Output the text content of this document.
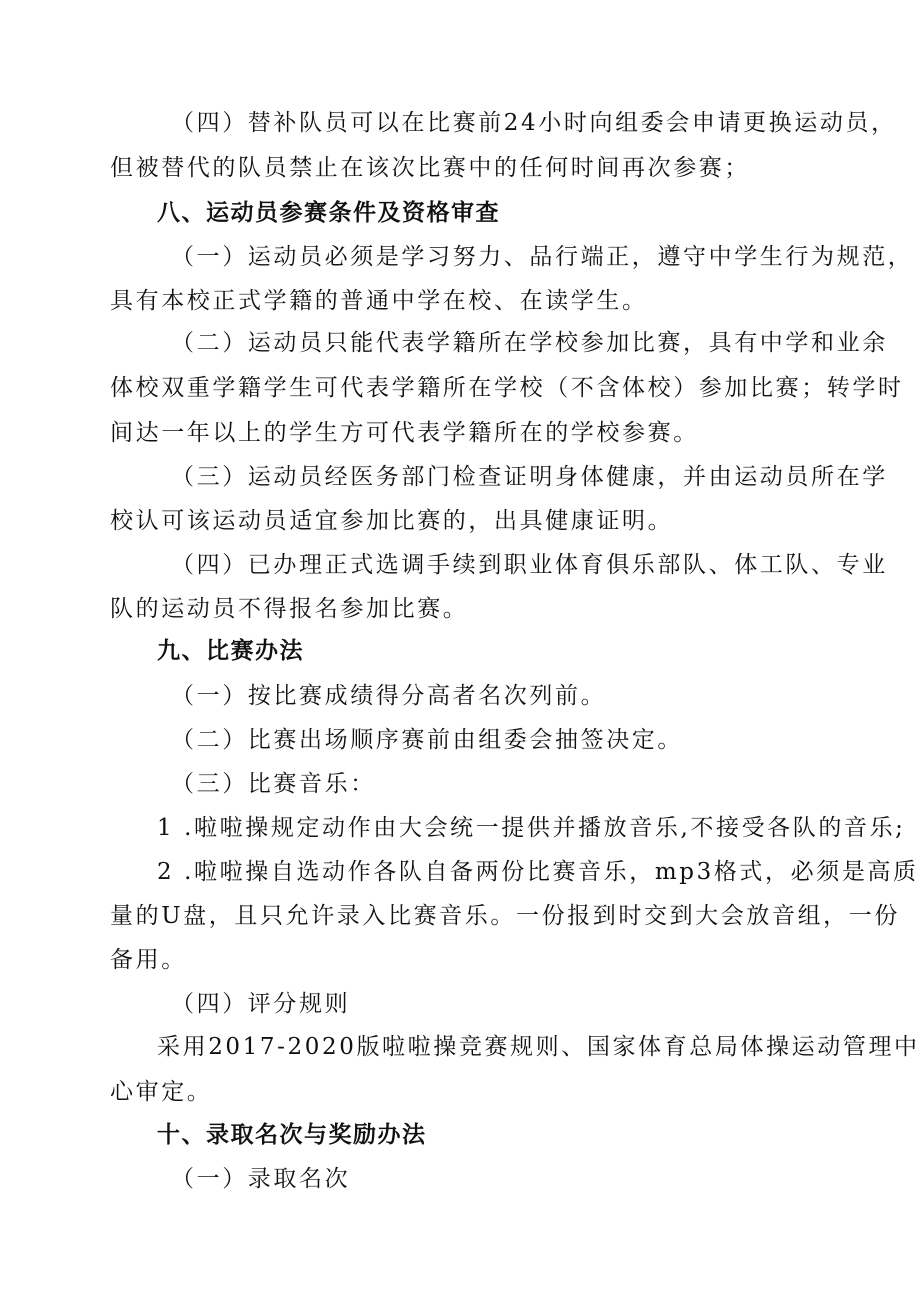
（四）替补队员可以在比赛前24小时向组委会申请更换运动员，
但被替代的队员禁止在该次比赛中的任何时间再次参赛；
八、运动员参赛条件及资格审查
（一）运动员必须是学习努力、品行端正，遵守中学生行为规范，
具有本校正式学籍的普通中学在校、在读学生。
（二）运动员只能代表学籍所在学校参加比赛，具有中学和业余
体校双重学籍学生可代表学籍所在学校（不含体校）参加比赛；转学时
间达一年以上的学生方可代表学籍所在的学校参赛。
（三）运动员经医务部门检查证明身体健康，并由运动员所在学
校认可该运动员适宜参加比赛的，出具健康证明。
（四）已办理正式选调手续到职业体育俱乐部队、体工队、专业
队的运动员不得报名参加比赛。
九、比赛办法
（一）按比赛成绩得分高者名次列前。
（二）比赛出场顺序赛前由组委会抽签决定。
（三）比赛音乐：
1 .啦啦操规定动作由大会统一提供并播放音乐,不接受各队的音乐;
2 .啦啦操自选动作各队自备两份比赛音乐，mp3格式，必须是高质
量的U盘，且只允许录入比赛音乐。一份报到时交到大会放音组，一份
备用。
（四）评分规则
采用2017-2020版啦啦操竞赛规则、国家体育总局体操运动管理中
心审定。
十、录取名次与奖励办法
（一）录取名次
